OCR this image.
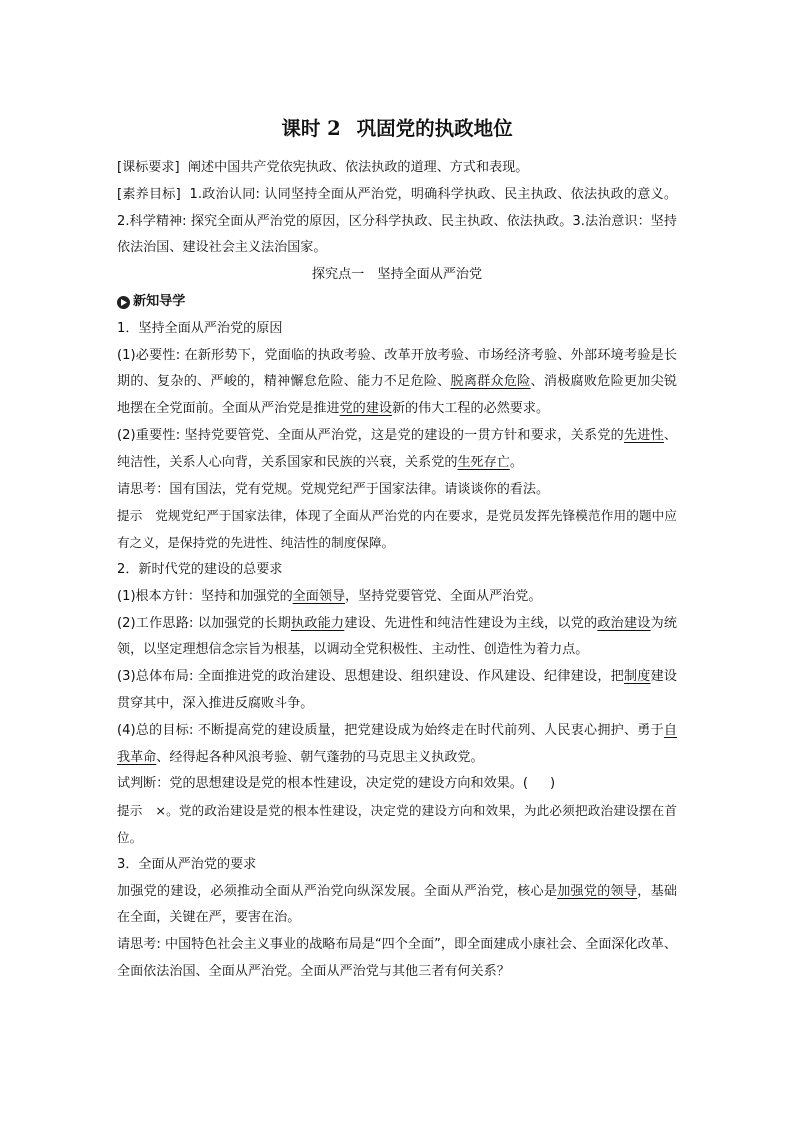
课时 2 巩固党的执政地位

[课标要求] 阐述中国共产党依宪执政、依法执政的道理、方式和表现。

[素养目标] 1.政治认同: 认同坚持全面从严治党，明确科学执政、民主执政、依法执政的意义。2.科学精神: 探究全面从严治党的原因，区分科学执政、民主执政、依法执政。3.法治意识：坚持依法治国、建设社会主义法治国家。

探究点一　坚持全面从严治党

新知导学

1．坚持全面从严治党的原因

(1)必要性: 在新形势下，党面临的执政考验、改革开放考验、市场经济考验、外部环境考验是长期的、复杂的、严峻的，精神懈怠危险、能力不足危险、脱离群众危险、消极腐败危险更加尖锐地摆在全党面前。全面从严治党是推进党的建设新的伟大工程的必然要求。

(2)重要性: 坚持党要管党、全面从严治党，这是党的建设的一贯方针和要求，关系党的先进性、纯洁性，关系人心向背，关系国家和民族的兴衰，关系党的生死存亡。

请思考：国有国法，党有党规。党规党纪严于国家法律。请谈谈你的看法。

提示　党规党纪严于国家法律，体现了全面从严治党的内在要求，是党员发挥先锋模范作用的题中应有之义，是保持党的先进性、纯洁性的制度保障。

2．新时代党的建设的总要求

(1)根本方针：坚持和加强党的全面领导，坚持党要管党、全面从严治党。

(2)工作思路: 以加强党的长期执政能力建设、先进性和纯洁性建设为主线，以党的政治建设为统领，以坚定理想信念宗旨为根基，以调动全党积极性、主动性、创造性为着力点。

(3)总体布局: 全面推进党的政治建设、思想建设、组织建设、作风建设、纪律建设，把制度建设贯穿其中，深入推进反腐败斗争。

(4)总的目标: 不断提高党的建设质量，把党建设成为始终走在时代前列、人民衷心拥护、勇于自我革命、经得起各种风浪考验、朝气蓬勃的马克思主义执政党。

试判断：党的思想建设是党的根本性建设，决定党的建设方向和效果。( )

提示　×。党的政治建设是党的根本性建设，决定党的建设方向和效果，为此必须把政治建设摆在首位。

3．全面从严治党的要求

加强党的建设，必须推动全面从严治党向纵深发展。全面从严治党，核心是加强党的领导，基础在全面，关键在严，要害在治。

请思考: 中国特色社会主义事业的战略布局是“四个全面”，即全面建成小康社会、全面深化改革、全面依法治国、全面从严治党。全面从严治党与其他三者有何关系？
